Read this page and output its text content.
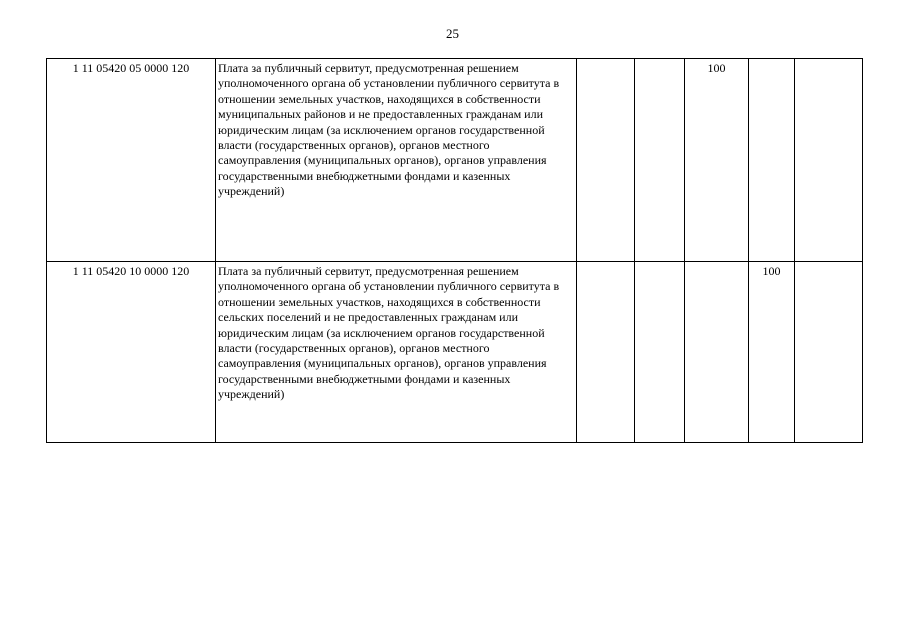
25
1 11 05420 05 0000 120	Плата за публичный сервитут, предусмотренная решением уполномоченного органа об установлении публичного сервитута в отношении земельных участков, находящихся в собственности муниципальных районов и не предоставленных гражданам или юридическим лицам (за исключением органов государственной власти (государственных органов), органов местного самоуправления (муниципальных органов), органов управления государственными внебюджетными фондами и казенных учреждений)			100		
1 11 05420 10 0000 120	Плата за публичный сервитут, предусмотренная решением уполномоченного органа об установлении публичного сервитута в отношении земельных участков, находящихся в собственности сельских поселений и не предоставленных гражданам или юридическим лицам (за исключением органов государственной власти (государственных органов), органов местного самоуправления (муниципальных органов), органов управления государственными внебюджетными фондами и казенных учреждений)				100	
